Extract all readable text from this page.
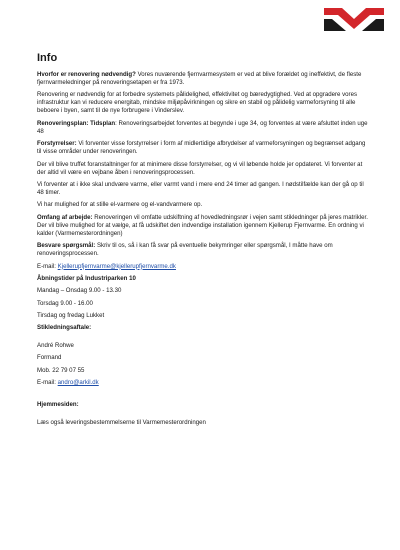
Info

Hvorfor er renovering nødvendig? Vores nuværende fjernvarmesystem er ved at blive forældet og ineffektivt, de fleste fjernvarmeledninger på renoveringsetapen er fra 1973.

Renovering er nødvendig for at forbedre systemets pålidelighed, effektivitet og bæredygtighed. Ved at opgradere vores infrastruktur kan vi reducere energitab, mindske miljøpåvirkningen og sikre en stabil og pålidelig varmeforsyning til alle beboere i byen, samt til de nye forbrugere i Vinderslev.

Renoveringsplan: Tidsplan: Renoveringsarbejdet forventes at begynde i uge 34, og forventes at være afsluttet inden uge 48

Forstyrrelser: Vi forventer visse forstyrrelser i form af midlertidige afbrydelser af varmeforsyningen og begrænset adgang til visse områder under renoveringen.

Der vil blive truffet foranstaltninger for at minimere disse forstyrrelser, og vi vil løbende holde jer opdateret. Vi forventer at der altid vil være en vejbane åben i renoveringsprocessen.

Vi forventer at i ikke skal undvære varme, eller varmt vand i mere end 24 timer ad gangen. I nødstilfælde kan der gå op til 48 timer.

Vi har mulighed for at stille el-varmere og el-vandvarmere op.

Omfang af arbejde: Renoveringen vil omfatte udskiftning af hovedledningsrør i vejen samt stikledninger på jeres matrikler. Der vil blive mulighed for at vælge, at få udskiftet den indvendige installation igennem Kjellerup Fjernvarme. En ordning vi kalder (Varmemesterordningen)

Besvare spørgsmål: Skriv til os, så i kan få svar på eventuelle bekymringer eller spørgsmål, I måtte have om renoveringsprocessen.

E-mail: Kjellerupfjernvarme@kjellerupfjernvarme.dk

Åbningstider på Industriparken 10

Mandag – Onsdag 9.00 - 13.30

Torsdag 9.00 - 16.00

Tirsdag og fredag Lukket

Stikledningsaftale:

André Rohwe

Formand

Mob. 22 79 07 55

E-mail: andro@arkil.dk

Hjemmesiden:

Læs også leveringsbestemmelserne til Varmemesterordningen
